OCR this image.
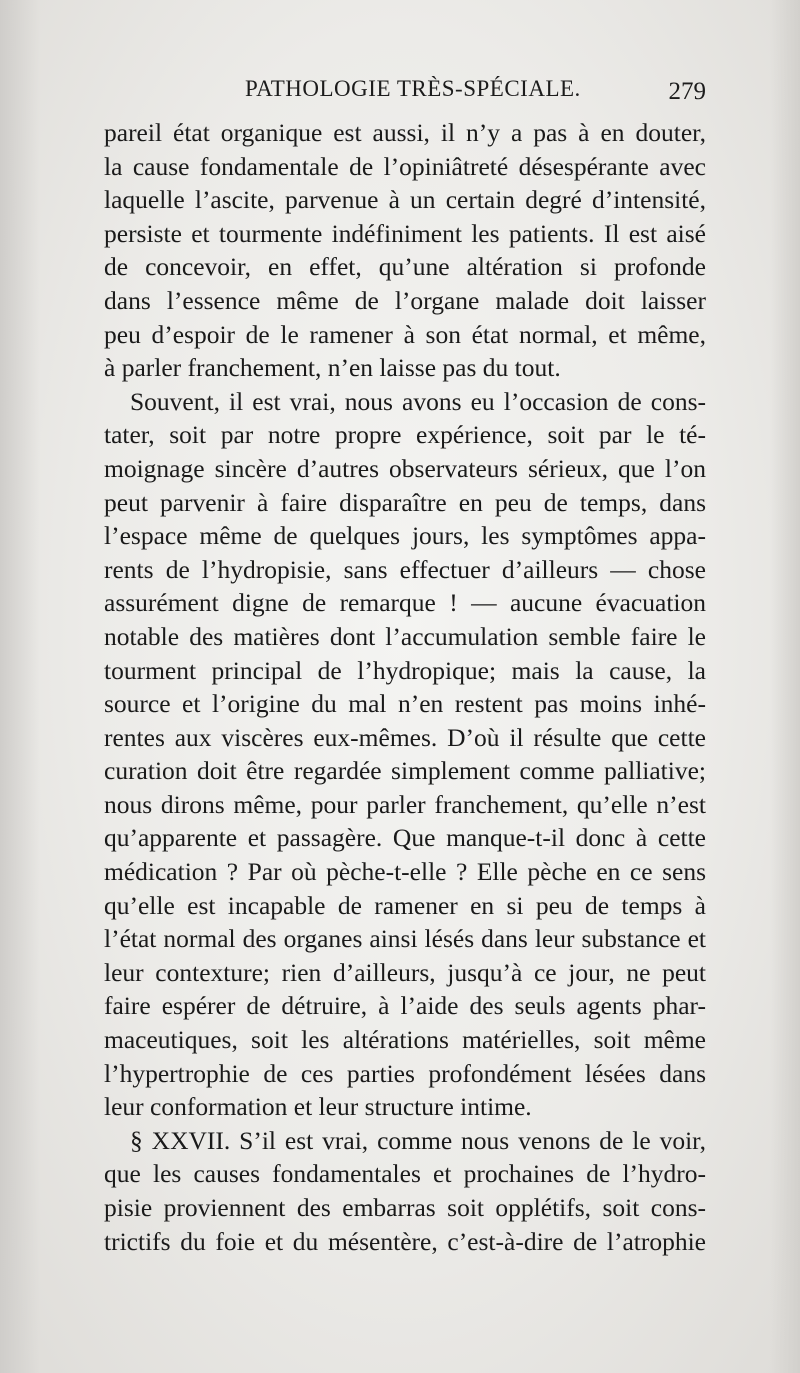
PATHOLOGIE TRÈS-SPÉCIALE.	279
pareil état organique est aussi, il n’y a pas à en douter,
la cause fondamentale de l’opiniâtreté désespérante avec
laquelle l’ascite, parvenue à un certain degré d’intensité,
persiste et tourmente indéfiniment les patients. Il est aisé
de concevoir, en effet, qu’une altération si profonde
dans l’essence même de l’organe malade doit laisser
peu d’espoir de le ramener à son état normal, et même,
à parler franchement, n’en laisse pas du tout.
Souvent, il est vrai, nous avons eu l’occasion de cons-
tater, soit par notre propre expérience, soit par le té-
moignage sincère d’autres observateurs sérieux, que l’on
peut parvenir à faire disparaître en peu de temps, dans
l’espace même de quelques jours, les symptômes appa-
rents de l’hydropisie, sans effectuer d’ailleurs — chose
assurément digne de remarque ! — aucune évacuation
notable des matières dont l’accumulation semble faire le
tourment principal de l’hydropique; mais la cause, la
source et l’origine du mal n’en restent pas moins inhé-
rentes aux viscères eux-mêmes. D’où il résulte que cette
curation doit être regardée simplement comme palliative;
nous dirons même, pour parler franchement, qu’elle n’est
qu’apparente et passagère. Que manque-t-il donc à cette
médication ? Par où pèche-t-elle ? Elle pèche en ce sens
qu’elle est incapable de ramener en si peu de temps à
l’état normal des organes ainsi lésés dans leur substance et
leur contexture; rien d’ailleurs, jusqu’à ce jour, ne peut
faire espérer de détruire, à l’aide des seuls agents phar-
maceutiques, soit les altérations matérielles, soit même
l’hypertrophie de ces parties profondément lésées dans
leur conformation et leur structure intime.
§ XXVII. S’il est vrai, comme nous venons de le voir,
que les causes fondamentales et prochaines de l’hydro-
pisie proviennent des embarras soit opplétifs, soit cons-
trictifs du foie et du mésentère, c’est-à-dire de l’atrophie
